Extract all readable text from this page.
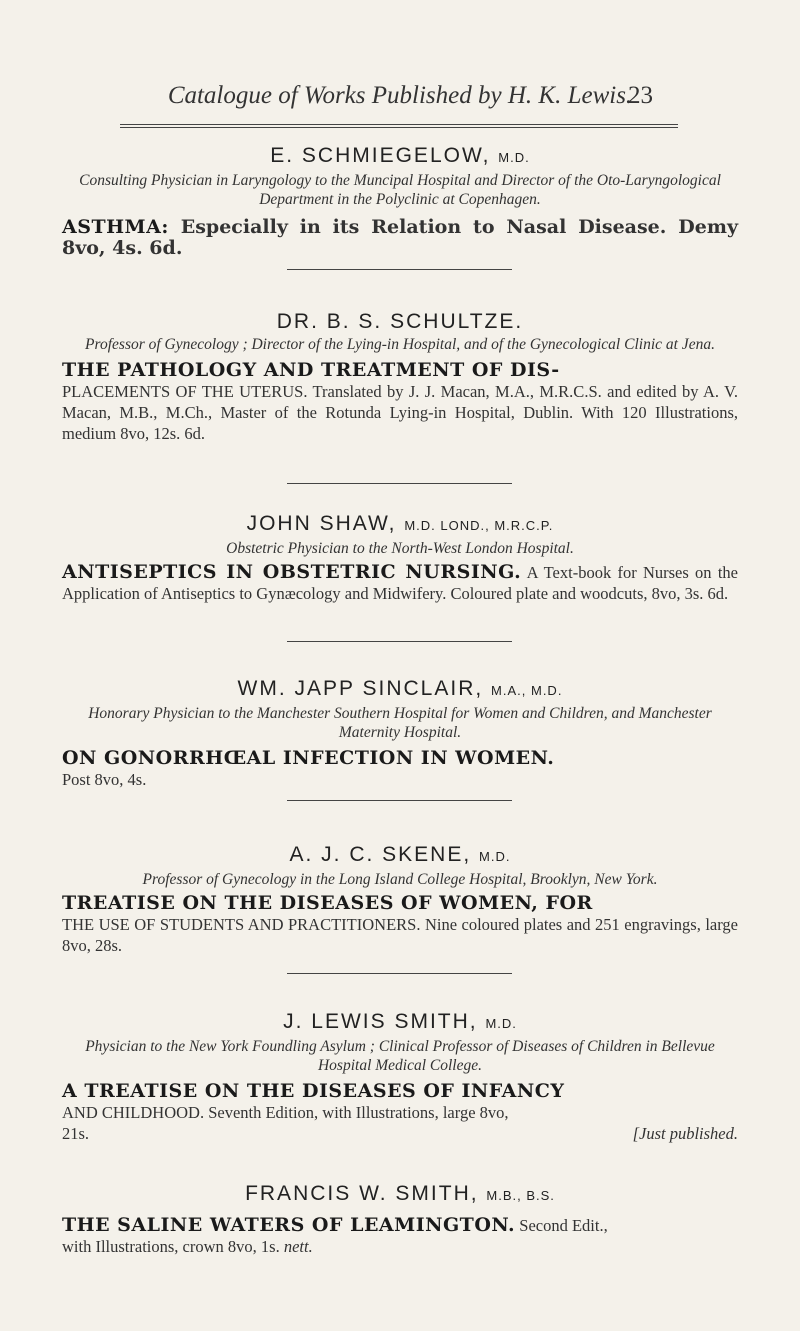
Catalogue of Works Published by H. K. Lewis.
23
E. SCHMIEGELOW, M.D.
Consulting Physician in Laryngology to the Muncipal Hospital and Director of the Oto-Laryngological Department in the Polyclinic at Copenhagen.
ASTHMA: Especially in its Relation to Nasal Disease. Demy 8vo, 4s. 6d.
DR. B. S. SCHULTZE.
Professor of Gynecology ; Director of the Lying-in Hospital, and of the Gynecological Clinic at Jena.
THE PATHOLOGY AND TREATMENT OF DIS-
PLACEMENTS OF THE UTERUS. Translated by J. J. Macan, M.A., M.R.C.S. and edited by A. V. Macan, M.B., M.Ch., Master of the Rotunda Lying-in Hospital, Dublin. With 120 Illustrations, medium 8vo, 12s. 6d.
JOHN SHAW, M.D. LOND., M.R.C.P.
Obstetric Physician to the North-West London Hospital.
ANTISEPTICS IN OBSTETRIC NURSING. A Text-book for Nurses on the Application of Antiseptics to Gynæcology and Midwifery. Coloured plate and woodcuts, 8vo, 3s. 6d.
WM. JAPP SINCLAIR, M.A., M.D.
Honorary Physician to the Manchester Southern Hospital for Women and Children, and Manchester Maternity Hospital.
ON GONORRHŒAL INFECTION IN WOMEN.
Post 8vo, 4s.
A. J. C. SKENE, M.D.
Professor of Gynecology in the Long Island College Hospital, Brooklyn, New York.
TREATISE ON THE DISEASES OF WOMEN, FOR
THE USE OF STUDENTS AND PRACTITIONERS. Nine coloured plates and 251 engravings, large 8vo, 28s.
J. LEWIS SMITH, M.D.
Physician to the New York Foundling Asylum ; Clinical Professor of Diseases of Children in Bellevue Hospital Medical College.
A TREATISE ON THE DISEASES OF INFANCY
AND CHILDHOOD. Seventh Edition, with Illustrations, large 8vo,
21s.	[Just published.
FRANCIS W. SMITH, M.B., B.S.
THE SALINE WATERS OF LEAMINGTON. Second Edit.,
with Illustrations, crown 8vo, 1s. nett.
